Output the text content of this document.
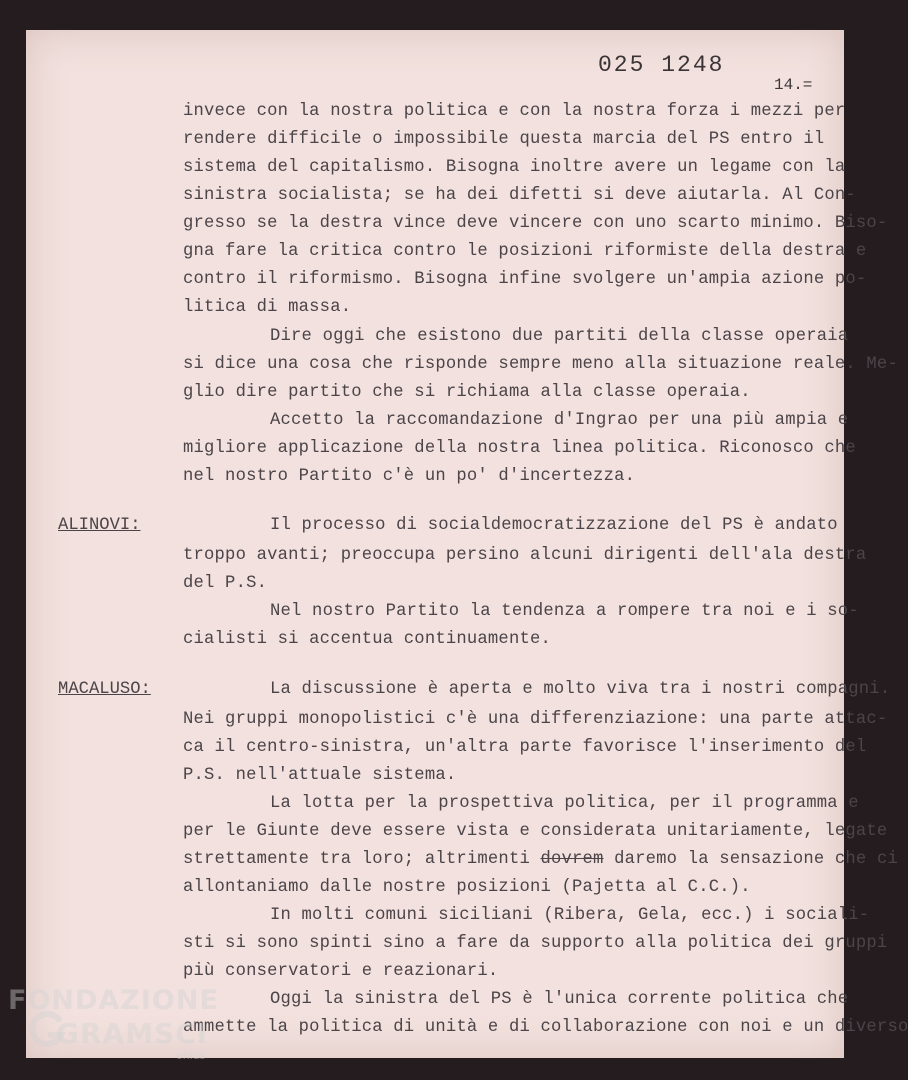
025 1248
14.=
invece con la nostra politica e con la nostra forza i mezzi per
rendere difficile o impossibile questa marcia del PS entro il
sistema del capitalismo. Bisogna inoltre avere un legame con la
sinistra socialista; se ha dei difetti si deve aiutarla. Al Con-
gresso se la destra vince deve vincere con uno scarto minimo. Biso-
gna fare la critica contro le posizioni riformiste della destra e
contro il riformismo. Bisogna infine svolgere un'ampia azione po-
litica di massa.
Dire oggi che esistono due partiti della classe operaia
si dice una cosa che risponde sempre meno alla situazione reale. Me-
glio dire partito che si richiama alla classe operaia.
Accetto la raccomandazione d'Ingrao per una più ampia e
migliore applicazione della nostra linea politica. Riconosco che
nel nostro Partito c'è un po' d'incertezza.
ALINOVI:	Il processo di socialdemocratizzazione del PS è andato
troppo avanti; preoccupa persino alcuni dirigenti dell'ala destra
del P.S.
Nel nostro Partito la tendenza a rompere tra noi e i so-
cialisti si accentua continuamente.
MACALUSO:	La discussione è aperta e molto viva tra i nostri compagni.
Nei gruppi monopolistici c'è una differenziazione: una parte attac-
ca il centro-sinistra, un'altra parte favorisce l'inserimento del
P.S. nell'attuale sistema.
La lotta per la prospettiva politica, per il programma e
per le Giunte deve essere vista e considerata unitariamente, legate
strettamente tra loro; altrimenti dovrem daremo la sensazione che ci
allontaniamo dalle nostre posizioni (Pajetta al C.C.).
In molti comuni siciliani (Ribera, Gela, ecc.) i sociali-
sti si sono spinti sino a fare da supporto alla politica dei gruppi
più conservatori e reazionari.
Oggi la sinistra del PS è l'unica corrente politica che
ammette la politica di unità e di collaborazione con noi e un diverso
FONDAZIONE
GRAMSCI
onlus
